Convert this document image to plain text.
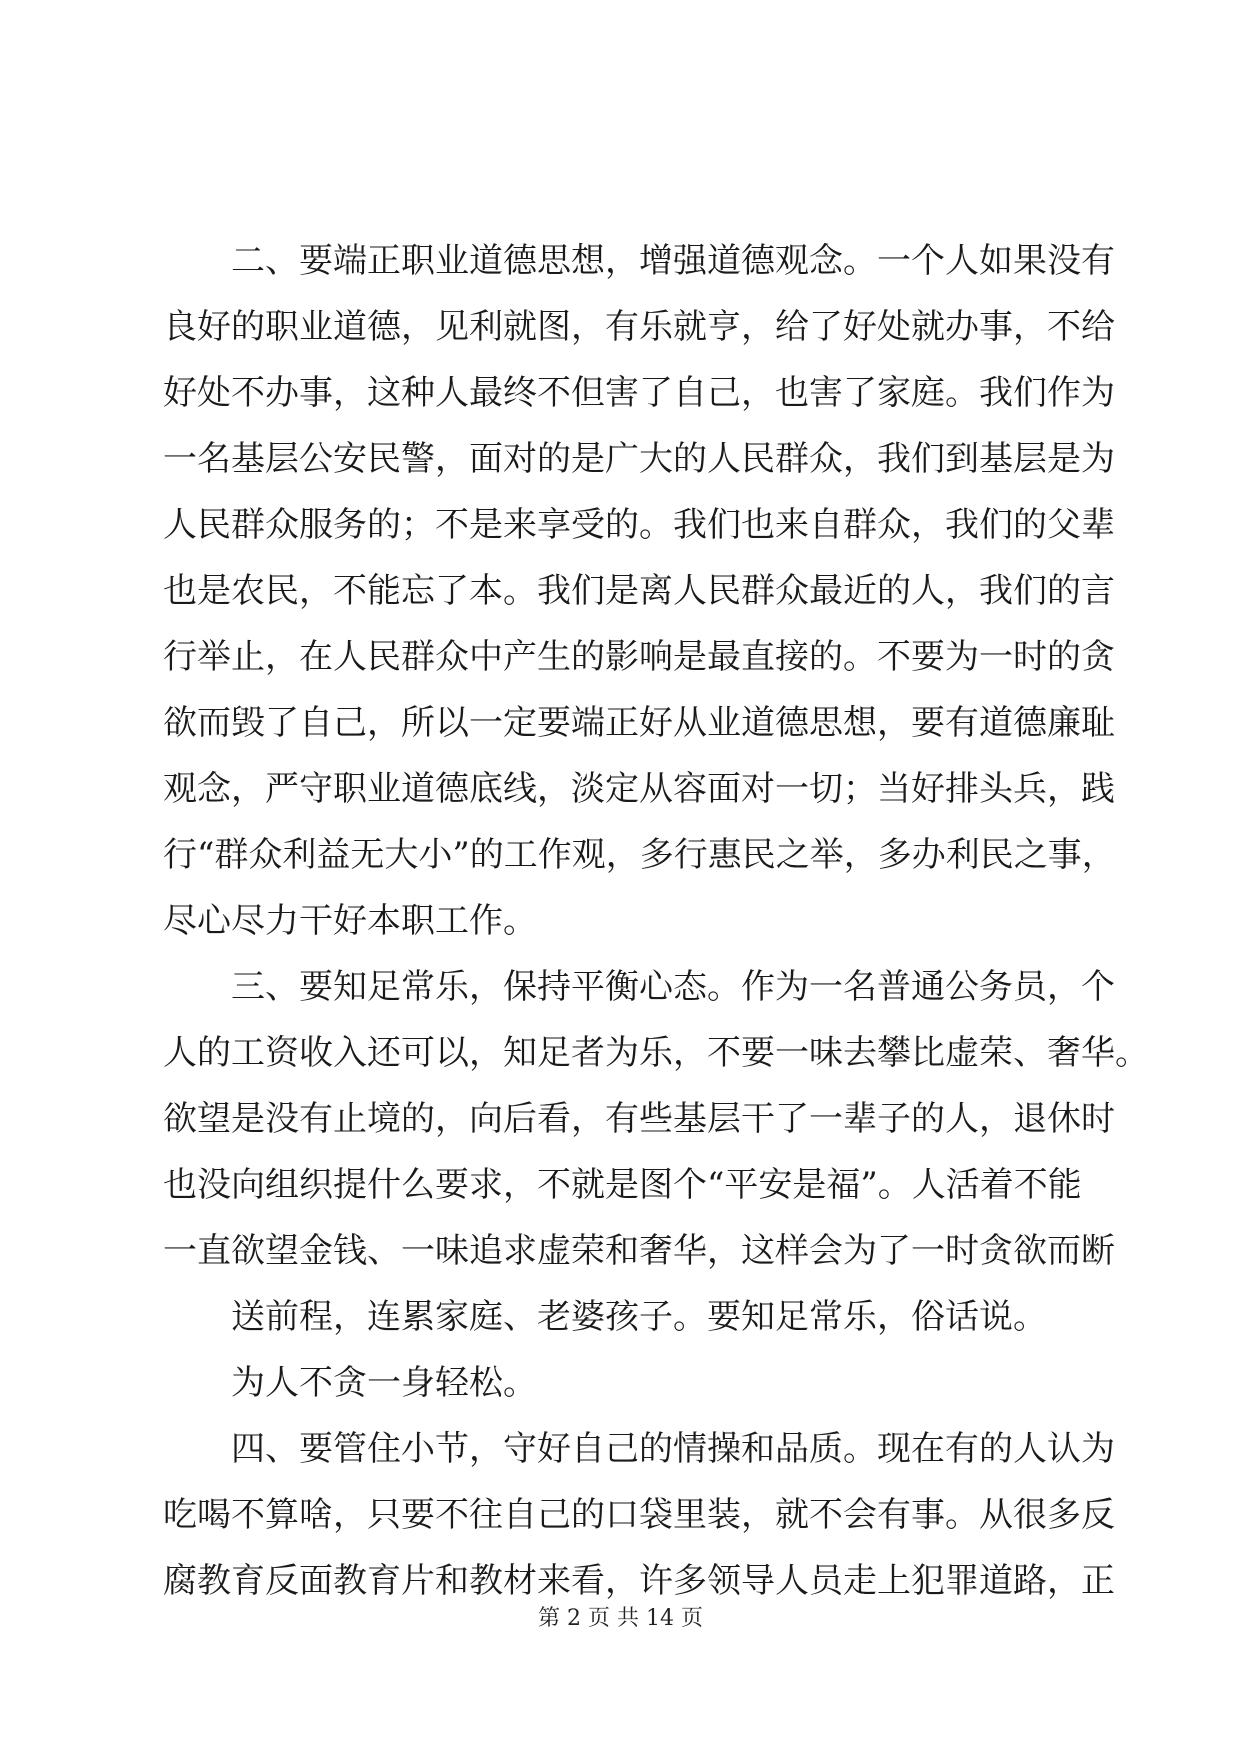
二、要端正职业道德思想，增强道德观念。一个人如果没有
良好的职业道德，见利就图，有乐就亨，给了好处就办事，不给
好处不办事，这种人最终不但害了自己，也害了家庭。我们作为
一名基层公安民警，面对的是广大的人民群众，我们到基层是为
人民群众服务的；不是来享受的。我们也来自群众，我们的父辈
也是农民，不能忘了本。我们是离人民群众最近的人，我们的言
行举止，在人民群众中产生的影响是最直接的。不要为一时的贪
欲而毁了自己，所以一定要端正好从业道德思想，要有道德廉耻
观念，严守职业道德底线，淡定从容面对一切；当好排头兵，践
行“群众利益无大小”的工作观，多行惠民之举，多办利民之事，
尽心尽力干好本职工作。
三、要知足常乐，保持平衡心态。作为一名普通公务员，个
人的工资收入还可以，知足者为乐，不要一味去攀比虚荣、奢华。
欲望是没有止境的，向后看，有些基层干了一辈子的人，退休时
也没向组织提什么要求，不就是图个“平安是福”。人活着不能
一直欲望金钱、一味追求虚荣和奢华，这样会为了一时贪欲而断
送前程，连累家庭、老婆孩子。要知足常乐，俗话说。
为人不贪一身轻松。
四、要管住小节，守好自己的情操和品质。现在有的人认为
吃喝不算啥，只要不往自己的口袋里装，就不会有事。从很多反
腐教育反面教育片和教材来看，许多领导人员走上犯罪道路，正
第 2 页 共 14 页
